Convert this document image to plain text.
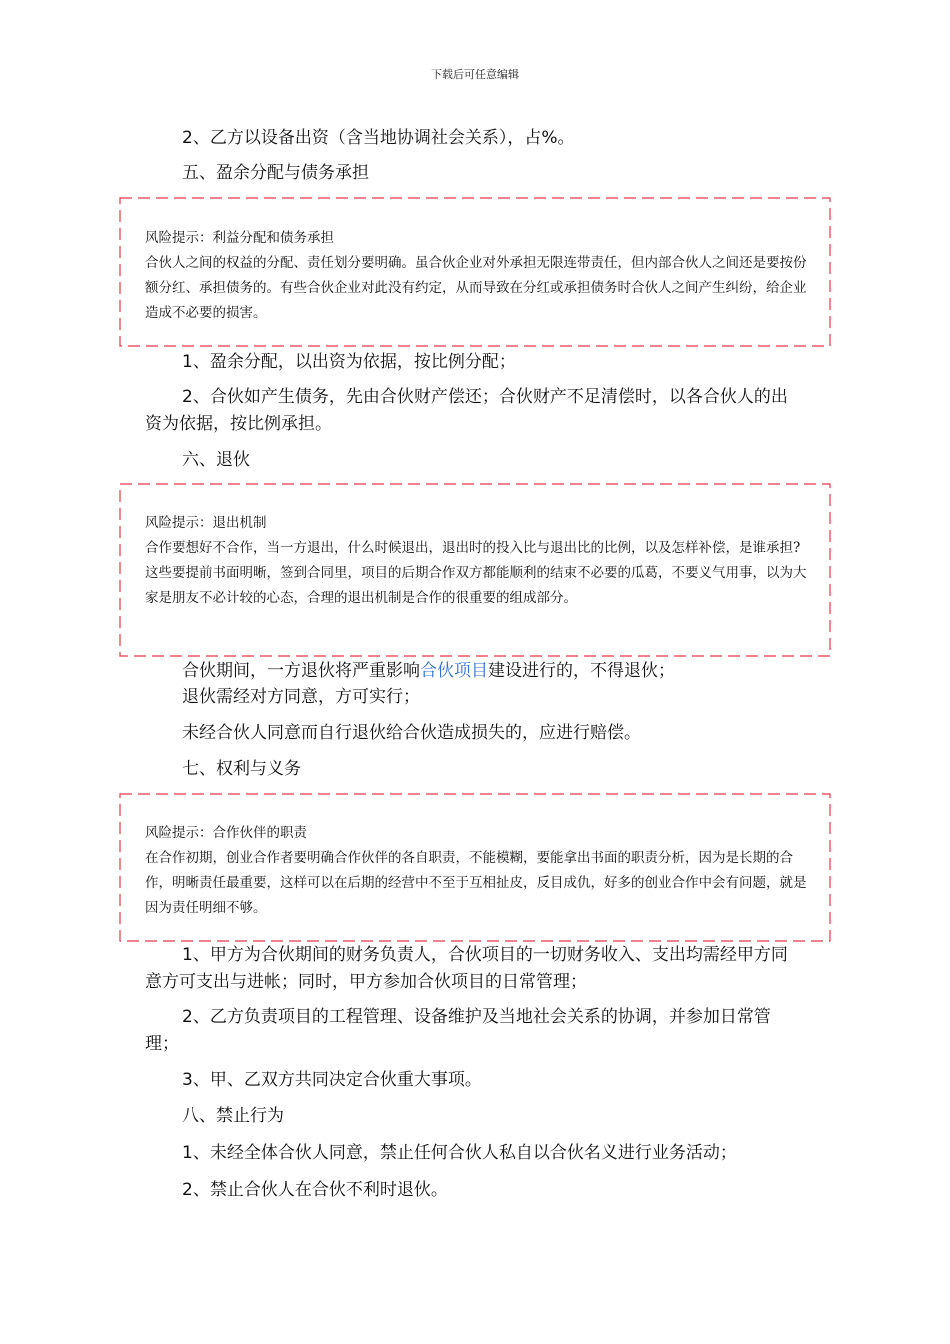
下载后可任意编辑
2、乙方以设备出资（含当地协调社会关系），占%。
五、盈余分配与债务承担
风险提示：利益分配和债务承担
合伙人之间的权益的分配、责任划分要明确。虽合伙企业对外承担无限连带责任，但内部合伙人之间还是要按份额分红、承担债务的。有些合伙企业对此没有约定，从而导致在分红或承担债务时合伙人之间产生纠纷，给企业造成不必要的损害。
1、盈余分配，以出资为依据，按比例分配；
2、合伙如产生债务，先由合伙财产偿还；合伙财产不足清偿时，以各合伙人的出资为依据，按比例承担。
六、退伙
风险提示：退出机制
合作要想好不合作，当一方退出，什么时候退出，退出时的投入比与退出比的比例，以及怎样补偿，是谁承担?这些要提前书面明晰，签到合同里，项目的后期合作双方都能顺利的结束不必要的瓜葛，不要义气用事，以为大家是朋友不必计较的心态，合理的退出机制是合作的很重要的组成部分。
合伙期间，一方退伙将严重影响合伙项目建设进行的，不得退伙；
退伙需经对方同意，方可实行；
未经合伙人同意而自行退伙给合伙造成损失的，应进行赔偿。
七、权利与义务
风险提示：合作伙伴的职责
在合作初期，创业合作者要明确合作伙伴的各自职责，不能模糊，要能拿出书面的职责分析，因为是长期的合作，明晰责任最重要，这样可以在后期的经营中不至于互相扯皮，反目成仇，好多的创业合作中会有问题，就是因为责任明细不够。
1、甲方为合伙期间的财务负责人，合伙项目的一切财务收入、支出均需经甲方同意方可支出与进帐；同时，甲方参加合伙项目的日常管理；
2、乙方负责项目的工程管理、设备维护及当地社会关系的协调，并参加日常管理；
3、甲、乙双方共同决定合伙重大事项。
八、禁止行为
1、未经全体合伙人同意，禁止任何合伙人私自以合伙名义进行业务活动；
2、禁止合伙人在合伙不利时退伙。
